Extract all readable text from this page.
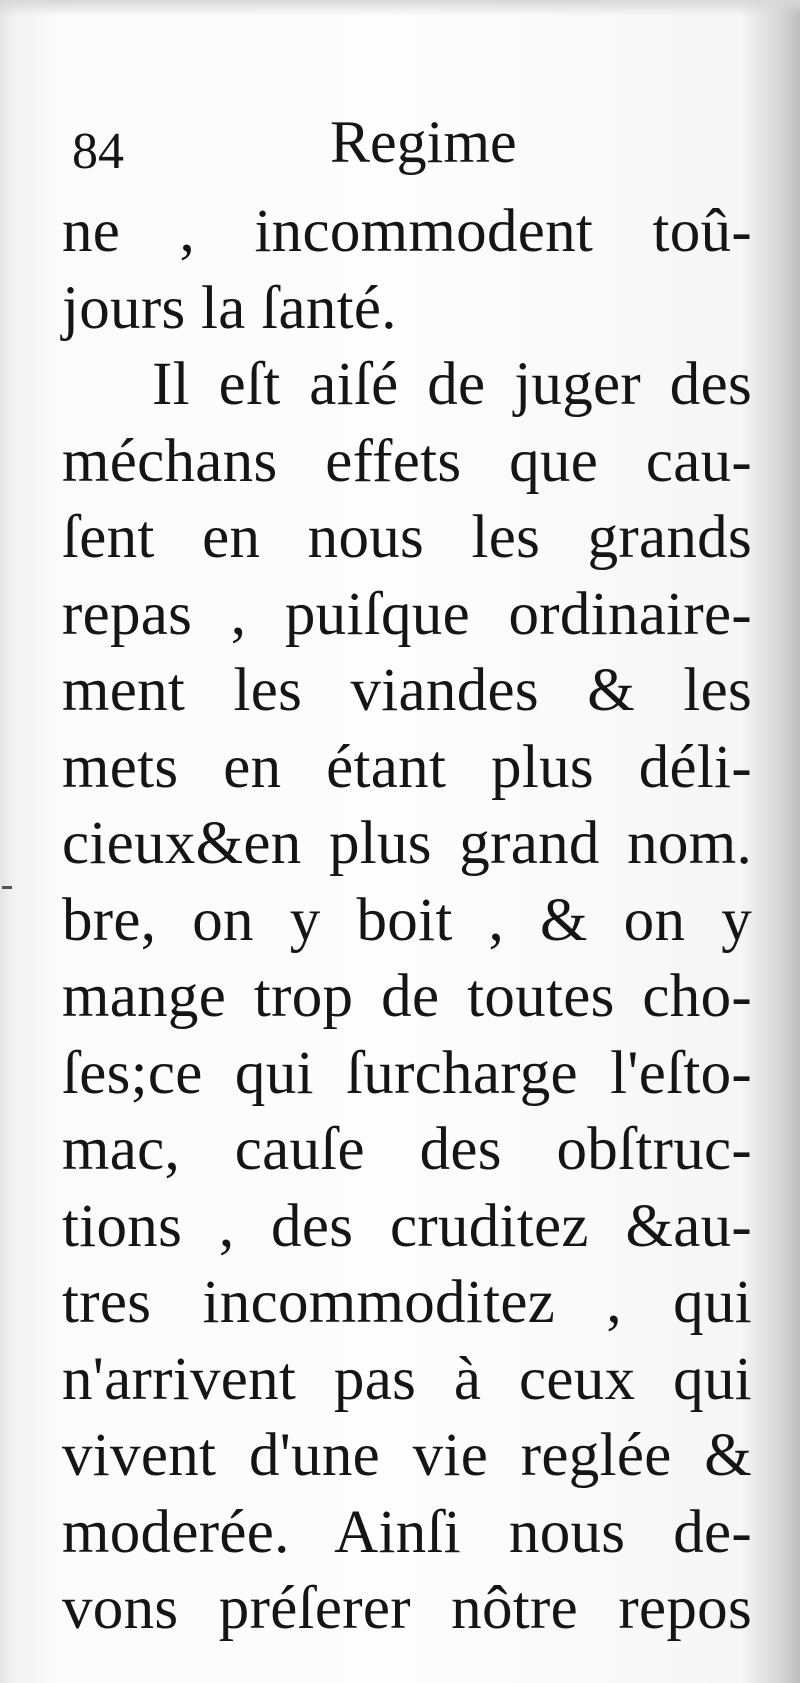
84	Regime
ne , incommodent toû-
jours la ſanté.
Il eſt aiſé de juger des
méchans effets que cau-
ſent en nous les grands
repas , puiſque ordinaire-
ment les viandes & les
mets en étant plus déli-
cieux&en plus grand nom.
bre, on y boit , & on y
mange trop de toutes cho-
ſes;ce qui ſurcharge l'eſto-
mac, cauſe des obſtruc-
tions , des cruditez &au-
tres incommoditez , qui
n'arrivent pas à ceux qui
vivent d'une vie reglée &
moderée. Ainſi nous de-
vons préſerer nôtre repos
